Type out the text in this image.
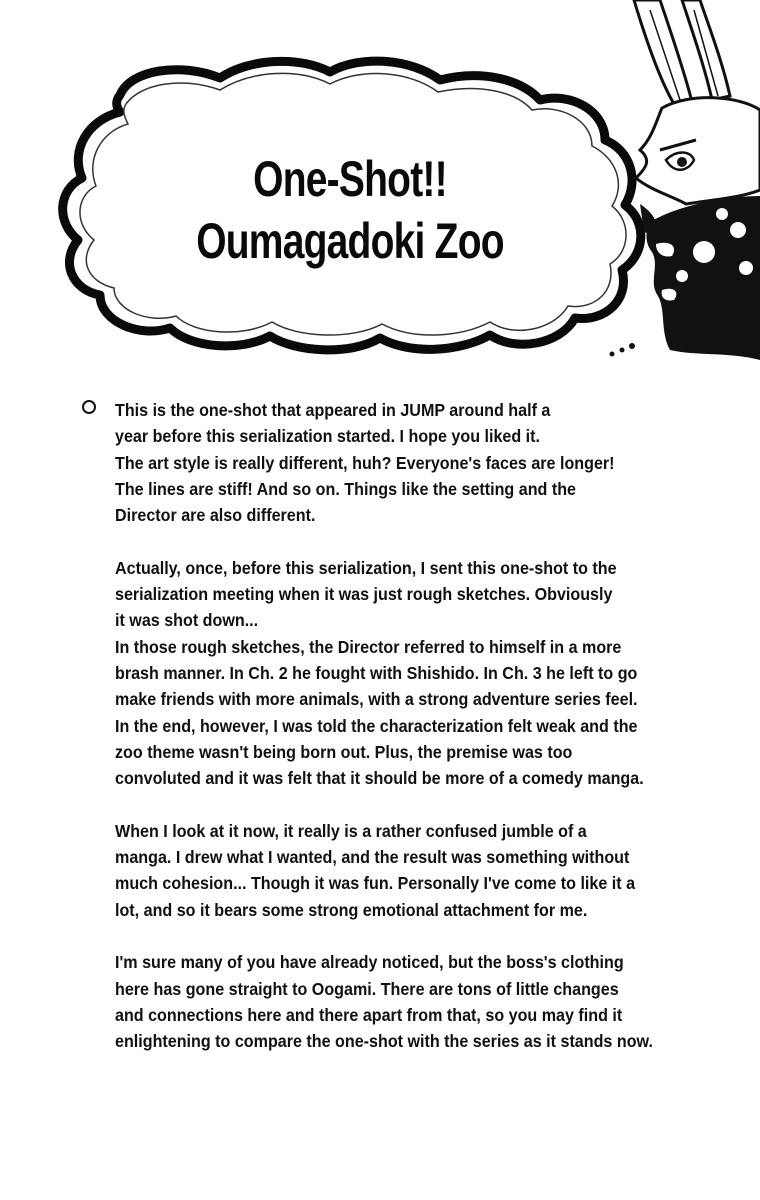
One-Shot!!
Oumagadoki Zoo
This is the one-shot that appeared in JUMP around half a
year before this serialization started. I hope you liked it.
The art style is really different, huh? Everyone's faces are longer!
The lines are stiff! And so on. Things like the setting and the
Director are also different.
Actually, once, before this serialization, I sent this one-shot to the
serialization meeting when it was just rough sketches. Obviously
it was shot down...
In those rough sketches, the Director referred to himself in a more
brash manner. In Ch. 2 he fought with Shishido. In Ch. 3 he left to go
make friends with more animals, with a strong adventure series feel.
In the end, however, I was told the characterization felt weak and the
zoo theme wasn't being born out. Plus, the premise was too
convoluted and it was felt that it should be more of a comedy manga.
When I look at it now, it really is a rather confused jumble of a
manga. I drew what I wanted, and the result was something without
much cohesion... Though it was fun. Personally I've come to like it a
lot, and so it bears some strong emotional attachment for me.
I'm sure many of you have already noticed, but the boss's clothing
here has gone straight to Oogami. There are tons of little changes
and connections here and there apart from that, so you may find it
enlightening to compare the one-shot with the series as it stands now.
